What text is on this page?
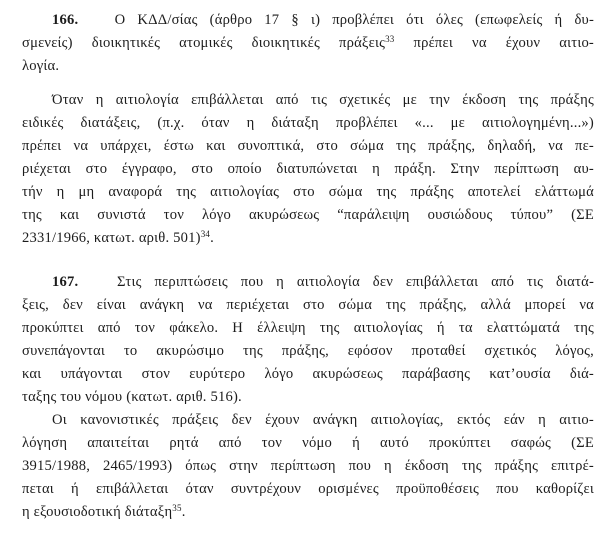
166. Ο ΚΔΔ/σίας (άρθρο 17 § ι) προβλέπει ότι όλες (επωφελείς ή δυ-
σμενείς) διοικητικές ατομικές διοικητικές πράξεις$^{33}$ πρέπει να έχουν αιτιο-
λογία.
Όταν η αιτιολογία επιβάλλεται από τις σχετικές με την έκδοση της πράξης
ειδικές διατάξεις, (π.χ. όταν η διάταξη προβλέπει «... με αιτιολογημένη...»)
πρέπει να υπάρχει, έστω και συνοπτικά, στο σώμα της πράξης, δηλαδή, να πε-
ριέχεται στο έγγραφο, στο οποίο διατυπώνεται η πράξη. Στην περίπτωση αυ-
τήν η μη αναφορά της αιτιολογίας στο σώμα της πράξης αποτελεί ελάττωμά
της και συνιστά τον λόγο ακυρώσεως “παράλειψη ουσιώδους τύπου” (ΣΕ
2331/1966, κατωτ. αριθ. 501)$^{34}$.
167.	Στις περιπτώσεις που η αιτιολογία δεν επιβάλλεται από τις διατά-
ξεις, δεν είναι ανάγκη να περιέχεται στο σώμα της πράξης, αλλά μπορεί να
προκύπτει από τον φάκελο. Η έλλειψη της αιτιολογίας ή τα ελαττώματά της
συνεπάγονται το ακυρώσιμο της πράξης, εφόσον προταθεί σχετικός λόγος,
και υπάγονται στον ευρύτερο λόγο ακυρώσεως παράβασης κατ’ουσία διά-
ταξης του νόμου (κατωτ. αριθ. 516).
Οι κανονιστικές πράξεις δεν έχουν ανάγκη αιτιολογίας, εκτός εάν η αιτιο-
λόγηση απαιτείται ρητά από τον νόμο ή αυτό προκύπτει σαφώς (ΣΕ
3915/1988, 2465/1993) όπως στην περίπτωση που η έκδοση της πράξης επιτρέ-
πεται ή επιβάλλεται όταν συντρέχουν ορισμένες προϋποθέσεις που καθορίζει
η εξουσιοδοτική διάταξη$^{35}$.
